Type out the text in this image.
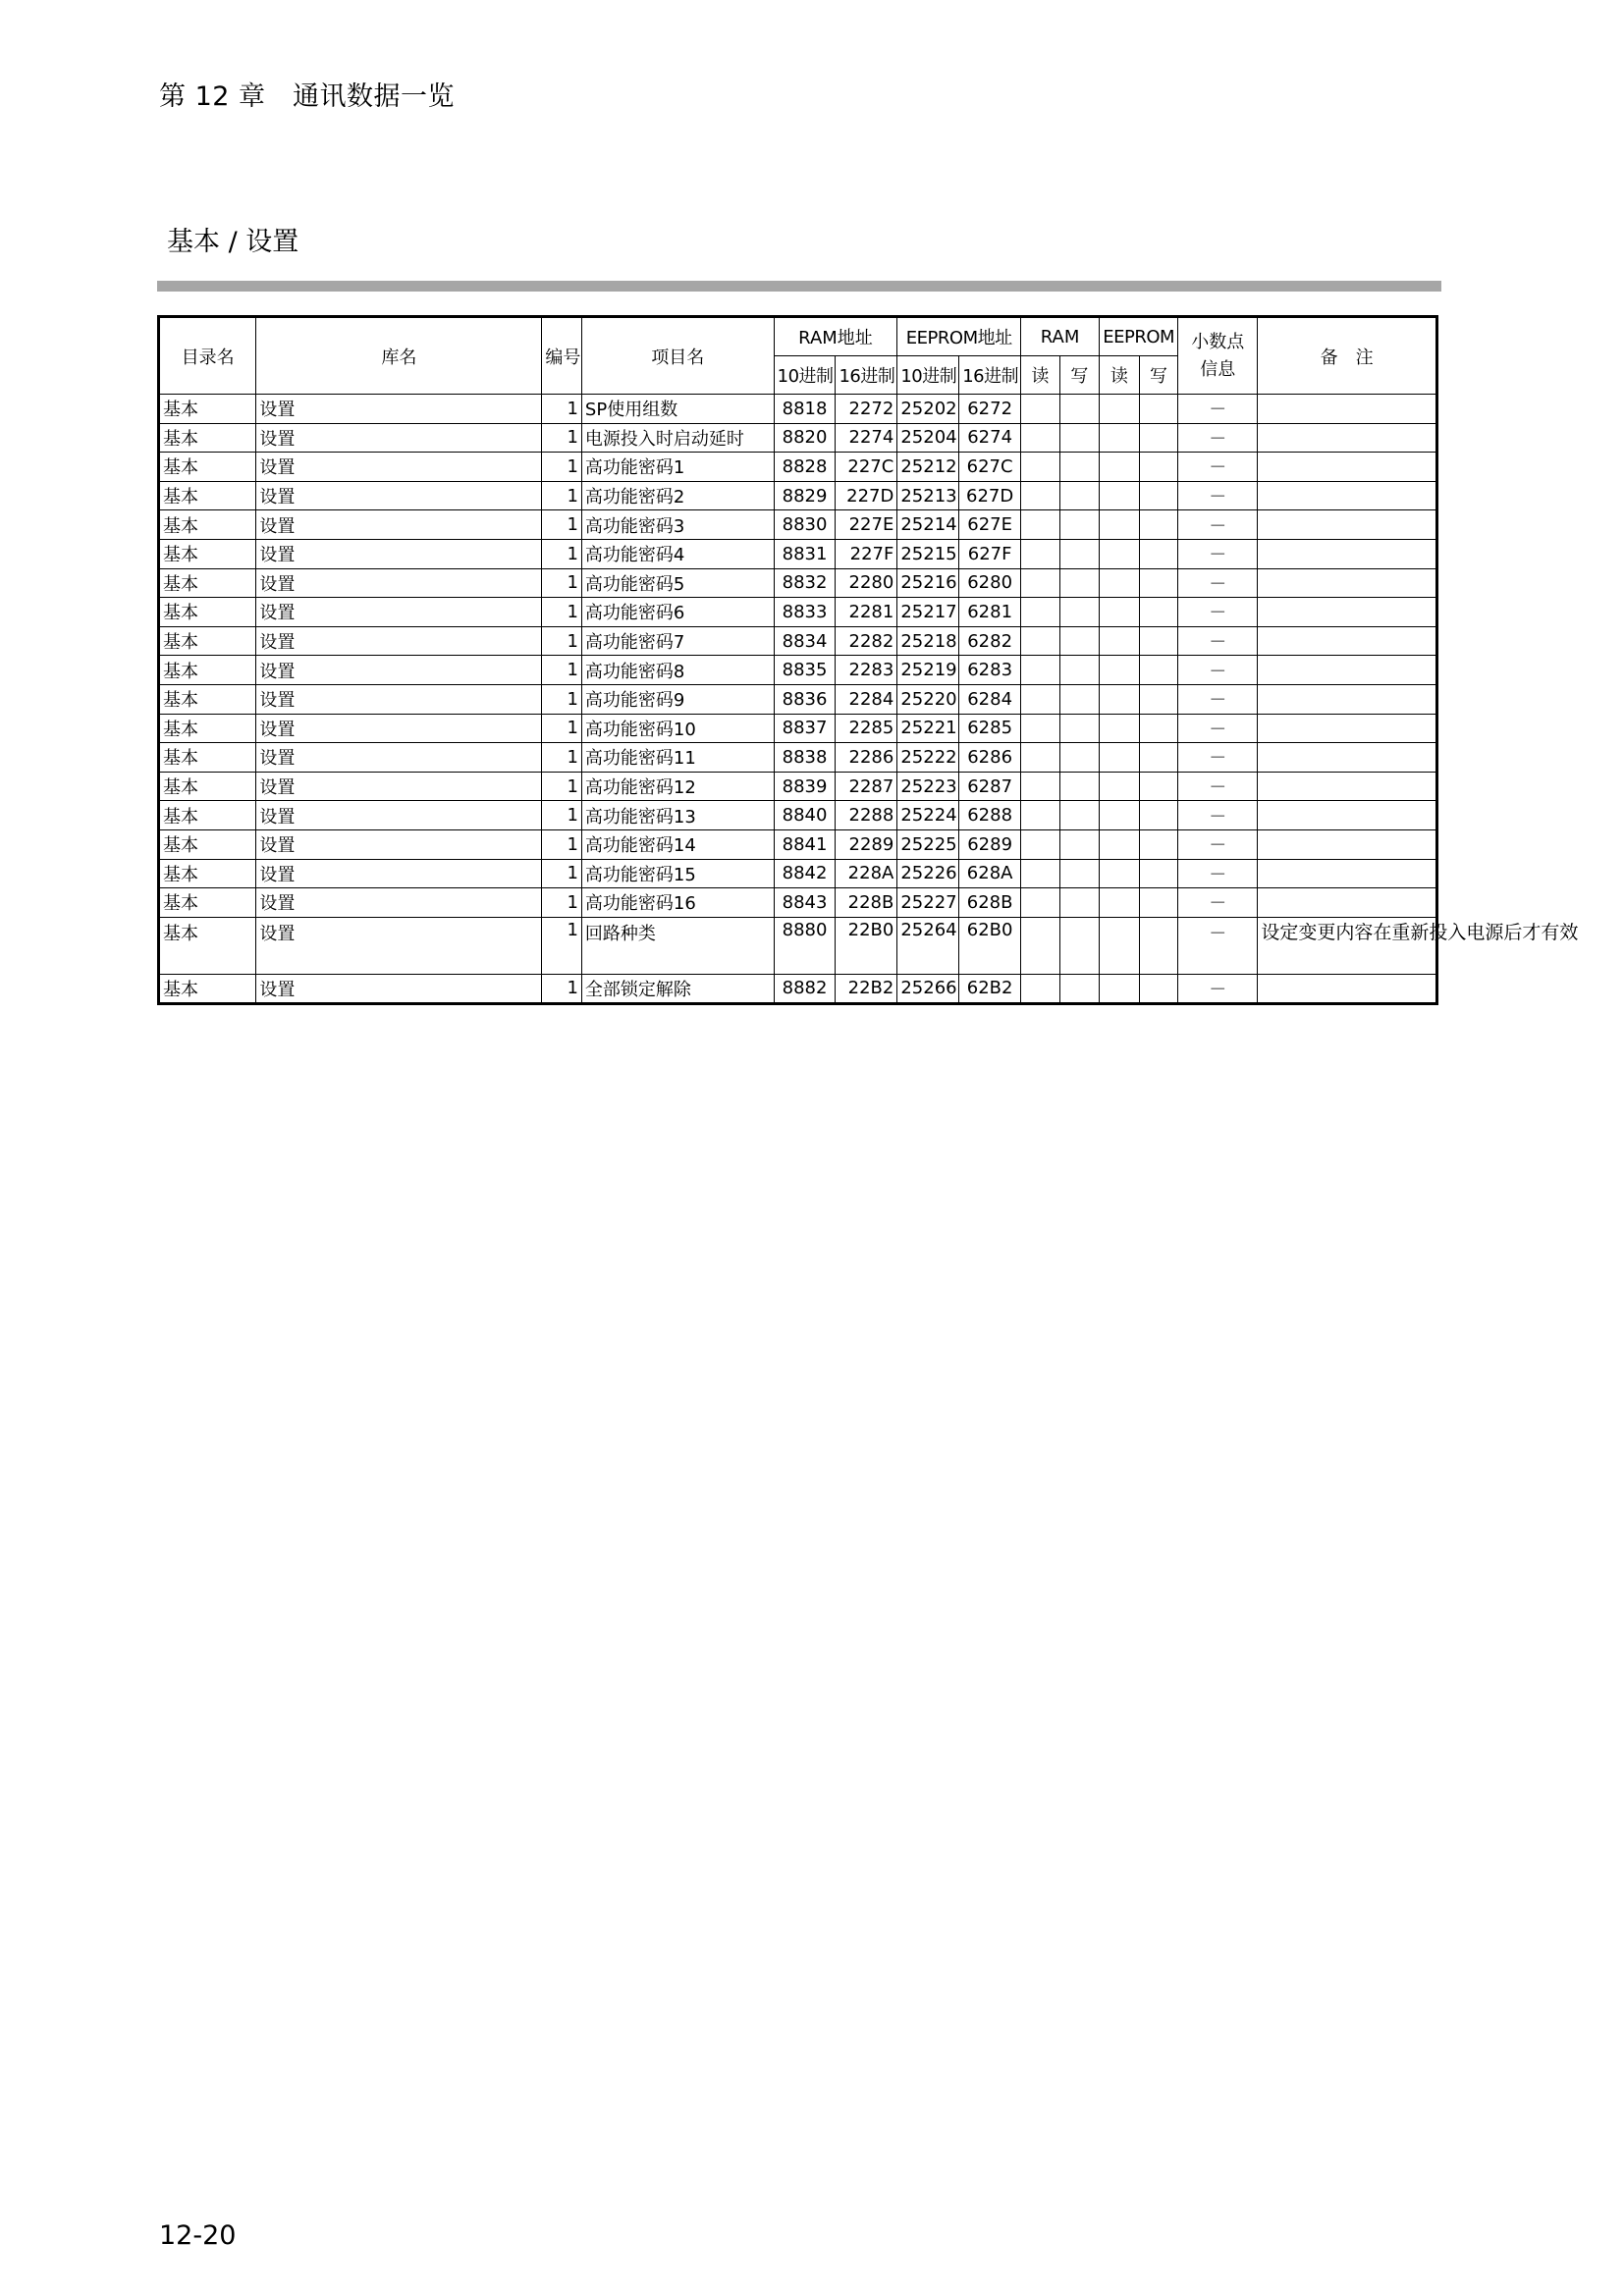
第 12 章　通讯数据一览
基本 / 设置
目录名	库名	编号	项目名	RAM地址		EEPROM地址		RAM		EEPROM		小数点信息	备　注
				10进制	16进制	10进制	16进制	读	写	读	写		
基本	设置	1	SP使用组数	8818	2272	25202	6272					－	
基本	设置	1	电源投入时启动延时	8820	2274	25204	6274					－	
基本	设置	1	高功能密码1	8828	227C	25212	627C					－	
基本	设置	1	高功能密码2	8829	227D	25213	627D					－	
基本	设置	1	高功能密码3	8830	227E	25214	627E					－	
基本	设置	1	高功能密码4	8831	227F	25215	627F					－	
基本	设置	1	高功能密码5	8832	2280	25216	6280					－	
基本	设置	1	高功能密码6	8833	2281	25217	6281					－	
基本	设置	1	高功能密码7	8834	2282	25218	6282					－	
基本	设置	1	高功能密码8	8835	2283	25219	6283					－	
基本	设置	1	高功能密码9	8836	2284	25220	6284					－	
基本	设置	1	高功能密码10	8837	2285	25221	6285					－	
基本	设置	1	高功能密码11	8838	2286	25222	6286					－	
基本	设置	1	高功能密码12	8839	2287	25223	6287					－	
基本	设置	1	高功能密码13	8840	2288	25224	6288					－	
基本	设置	1	高功能密码14	8841	2289	25225	6289					－	
基本	设置	1	高功能密码15	8842	228A	25226	628A					－	
基本	设置	1	高功能密码16	8843	228B	25227	628B					－	
基本	设置	1	回路种类	8880	22B0	25264	62B0					－	设定变更内容在重新投入电源后才有效
基本	设置	1	全部锁定解除	8882	22B2	25266	62B2					－	
12-20
